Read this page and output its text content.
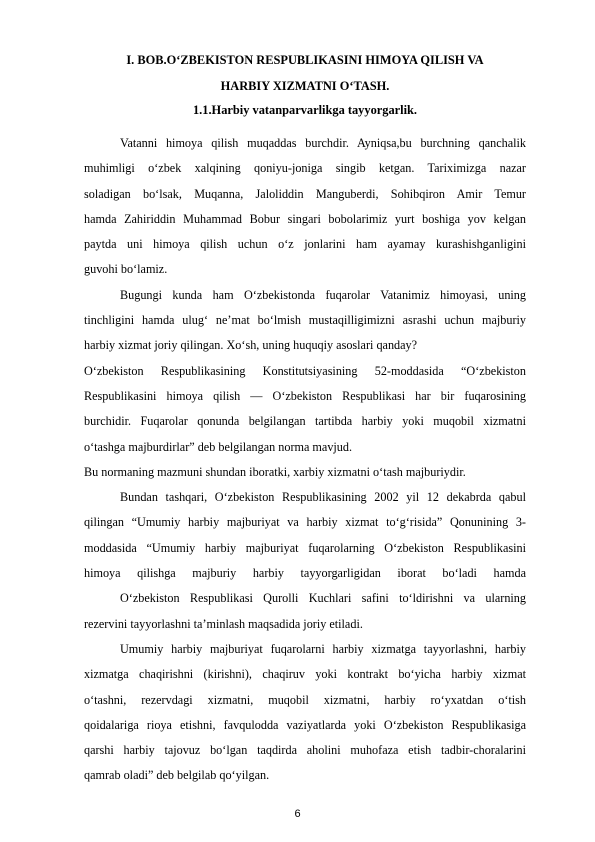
I. BOB.O‘ZBEKISTON RESPUBLIKASINI HIMOYA QILISH VA
HARBIY XIZMATNI O‘TASH.
1.1.Harbiy vatanparvarlikga tayyorgarlik.
Vatanni himoya qilish muqaddas burchdir. Ayniqsa,bu burchning qanchalik
muhimligi o‘zbek xalqining qoniyu-joniga singib ketgan. Tariximizga nazar
soladigan bo‘lsak, Muqanna, Jaloliddin Manguberdi, Sohibqiron Amir Temur
hamda Zahiriddin Muhammad Bobur singari bobolarimiz yurt boshiga yov kelgan
paytda uni himoya qilish uchun o‘z jonlarini ham ayamay kurashishganligini
guvohi bo‘lamiz.
Bugungi kunda ham O‘zbekistonda fuqarolar Vatanimiz himoyasi, uning
tinchligini hamda ulug‘ ne’mat bo‘lmish mustaqilligimizni asrashi uchun majburiy
harbiy xizmat joriy qilingan. Xo‘sh, uning huquqiy asoslari qanday?
O‘zbekiston Respublikasining Konstitutsiyasining 52-moddasida “O‘zbekiston
Respublikasini himoya qilish — O‘zbekiston Respublikasi har bir fuqarosining
burchidir. Fuqarolar qonunda belgilangan tartibda harbiy yoki muqobil xizmatni
o‘tashga majburdirlar” deb belgilangan norma mavjud.
Bu normaning mazmuni shundan iboratki, xarbiy xizmatni o‘tash majburiydir.
Bundan tashqari, O‘zbekiston Respublikasining 2002 yil 12 dekabrda qabul
qilingan “Umumiy harbiy majburiyat va harbiy xizmat to‘g‘risida” Qonunining 3-
moddasida “Umumiy harbiy majburiyat fuqarolarning O‘zbekiston Respublikasini
himoya qilishga majburiy harbiy tayyorgarligidan iborat bo‘ladi hamda
O‘zbekiston Respublikasi Qurolli Kuchlari safini to‘ldirishni va ularning
rezervini tayyorlashni ta’minlash maqsadida joriy etiladi.
Umumiy harbiy majburiyat fuqarolarni harbiy xizmatga tayyorlashni, harbiy
xizmatga chaqirishni (kirishni), chaqiruv yoki kontrakt bo‘yicha harbiy xizmat
o‘tashni, rezervdagi xizmatni, muqobil xizmatni, harbiy ro‘yxatdan o‘tish
qoidalariga rioya etishni, favqulodda vaziyatlarda yoki O‘zbekiston Respublikasiga
qarshi harbiy tajovuz bo‘lgan taqdirda aholini muhofaza etish tadbir-choralarini
qamrab oladi” deb belgilab qo‘yilgan.
6
